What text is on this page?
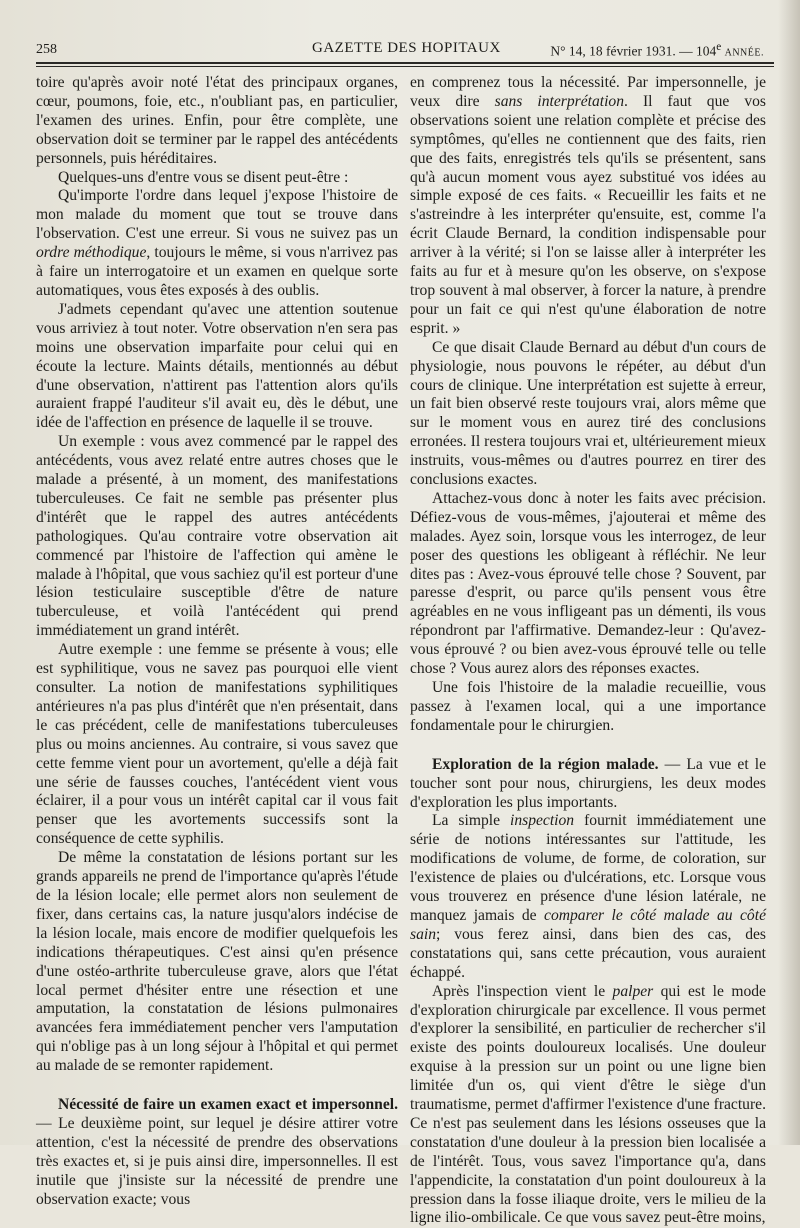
258	GAZETTE DES HOPITAUX	N° 14, 18 février 1931. — 104e ANNÉE.

toire qu'après avoir noté l'état des principaux organes, cœur, poumons, foie, etc., n'oubliant pas, en particulier, l'examen des urines. Enfin, pour être complète, une observation doit se terminer par le rappel des antécédents personnels, puis héréditaires.

Quelques-uns d'entre vous se disent peut-être :

Qu'importe l'ordre dans lequel j'expose l'histoire de mon malade du moment que tout se trouve dans l'observation. C'est une erreur. Si vous ne suivez pas un ordre méthodique, toujours le même, si vous n'arrivez pas à faire un interrogatoire et un examen en quelque sorte automatiques, vous êtes exposés à des oublis.

J'admets cependant qu'avec une attention soutenue vous arriviez à tout noter. Votre observation n'en sera pas moins une observation imparfaite pour celui qui en écoute la lecture. Maints détails, mentionnés au début d'une observation, n'attirent pas l'attention alors qu'ils auraient frappé l'auditeur s'il avait eu, dès le début, une idée de l'affection en présence de laquelle il se trouve.

Un exemple : vous avez commencé par le rappel des antécédents, vous avez relaté entre autres choses que le malade a présenté, à un moment, des manifestations tuberculeuses. Ce fait ne semble pas présenter plus d'intérêt que le rappel des autres antécédents pathologiques. Qu'au contraire votre observation ait commencé par l'histoire de l'affection qui amène le malade à l'hôpital, que vous sachiez qu'il est porteur d'une lésion testiculaire susceptible d'être de nature tuberculeuse, et voilà l'antécédent qui prend immédiatement un grand intérêt.

Autre exemple : une femme se présente à vous; elle est syphilitique, vous ne savez pas pourquoi elle vient consulter. La notion de manifestations syphilitiques antérieures n'a pas plus d'intérêt que n'en présentait, dans le cas précédent, celle de manifestations tuberculeuses plus ou moins anciennes. Au contraire, si vous savez que cette femme vient pour un avortement, qu'elle a déjà fait une série de fausses couches, l'antécédent vient vous éclairer, il a pour vous un intérêt capital car il vous fait penser que les avortements successifs sont la conséquence de cette syphilis.

De même la constatation de lésions portant sur les grands appareils ne prend de l'importance qu'après l'étude de la lésion locale; elle permet alors non seulement de fixer, dans certains cas, la nature jusqu'alors indécise de la lésion locale, mais encore de modifier quelquefois les indications thérapeutiques. C'est ainsi qu'en présence d'une ostéo-arthrite tuberculeuse grave, alors que l'état local permet d'hésiter entre une résection et une amputation, la constatation de lésions pulmonaires avancées fera immédiatement pencher vers l'amputation qui n'oblige pas à un long séjour à l'hôpital et qui permet au malade de se remonter rapidement.

Nécessité de faire un examen exact et impersonnel. — Le deuxième point, sur lequel je désire attirer votre attention, c'est la nécessité de prendre des observations très exactes et, si je puis ainsi dire, impersonnelles. Il est inutile que j'insiste sur la nécessité de prendre une observation exacte; vous

en comprenez tous la nécessité. Par impersonnelle, je veux dire sans interprétation. Il faut que vos observations soient une relation complète et précise des symptômes, qu'elles ne contiennent que des faits, rien que des faits, enregistrés tels qu'ils se présentent, sans qu'à aucun moment vous ayez substitué vos idées au simple exposé de ces faits. « Recueillir les faits et ne s'astreindre à les interpréter qu'ensuite, est, comme l'a écrit Claude Bernard, la condition indispensable pour arriver à la vérité; si l'on se laisse aller à interpréter les faits au fur et à mesure qu'on les observe, on s'expose trop souvent à mal observer, à forcer la nature, à prendre pour un fait ce qui n'est qu'une élaboration de notre esprit. »

Ce que disait Claude Bernard au début d'un cours de physiologie, nous pouvons le répéter, au début d'un cours de clinique. Une interprétation est sujette à erreur, un fait bien observé reste toujours vrai, alors même que sur le moment vous en aurez tiré des conclusions erronées. Il restera toujours vrai et, ultérieurement mieux instruits, vous-mêmes ou d'autres pourrez en tirer des conclusions exactes.

Attachez-vous donc à noter les faits avec précision. Défiez-vous de vous-mêmes, j'ajouterai et même des malades. Ayez soin, lorsque vous les interrogez, de leur poser des questions les obligeant à réfléchir. Ne leur dites pas : Avez-vous éprouvé telle chose ? Souvent, par paresse d'esprit, ou parce qu'ils pensent vous être agréables en ne vous infligeant pas un démenti, ils vous répondront par l'affirmative. Demandez-leur : Qu'avez-vous éprouvé ? ou bien avez-vous éprouvé telle ou telle chose ? Vous aurez alors des réponses exactes.

Une fois l'histoire de la maladie recueillie, vous passez à l'examen local, qui a une importance fondamentale pour le chirurgien.

Exploration de la région malade. — La vue et le toucher sont pour nous, chirurgiens, les deux modes d'exploration les plus importants.

La simple inspection fournit immédiatement une série de notions intéressantes sur l'attitude, les modifications de volume, de forme, de coloration, sur l'existence de plaies ou d'ulcérations, etc. Lorsque vous vous trouverez en présence d'une lésion latérale, ne manquez jamais de comparer le côté malade au côté sain; vous ferez ainsi, dans bien des cas, des constatations qui, sans cette précaution, vous auraient échappé.

Après l'inspection vient le palper qui est le mode d'exploration chirurgicale par excellence. Il vous permet d'explorer la sensibilité, en particulier de rechercher s'il existe des points douloureux localisés. Une douleur exquise à la pression sur un point ou une ligne bien limitée d'un os, qui vient d'être le siège d'un traumatisme, permet d'affirmer l'existence d'une fracture. Ce n'est pas seulement dans les lésions osseuses que la constatation d'une douleur à la pression bien localisée a de l'intérêt. Tous, vous savez l'importance qu'a, dans l'appendicite, la constatation d'un point douloureux à la pression dans la fosse iliaque droite, vers le milieu de la ligne ilio-ombilicale. Ce que vous savez peut-être moins,
